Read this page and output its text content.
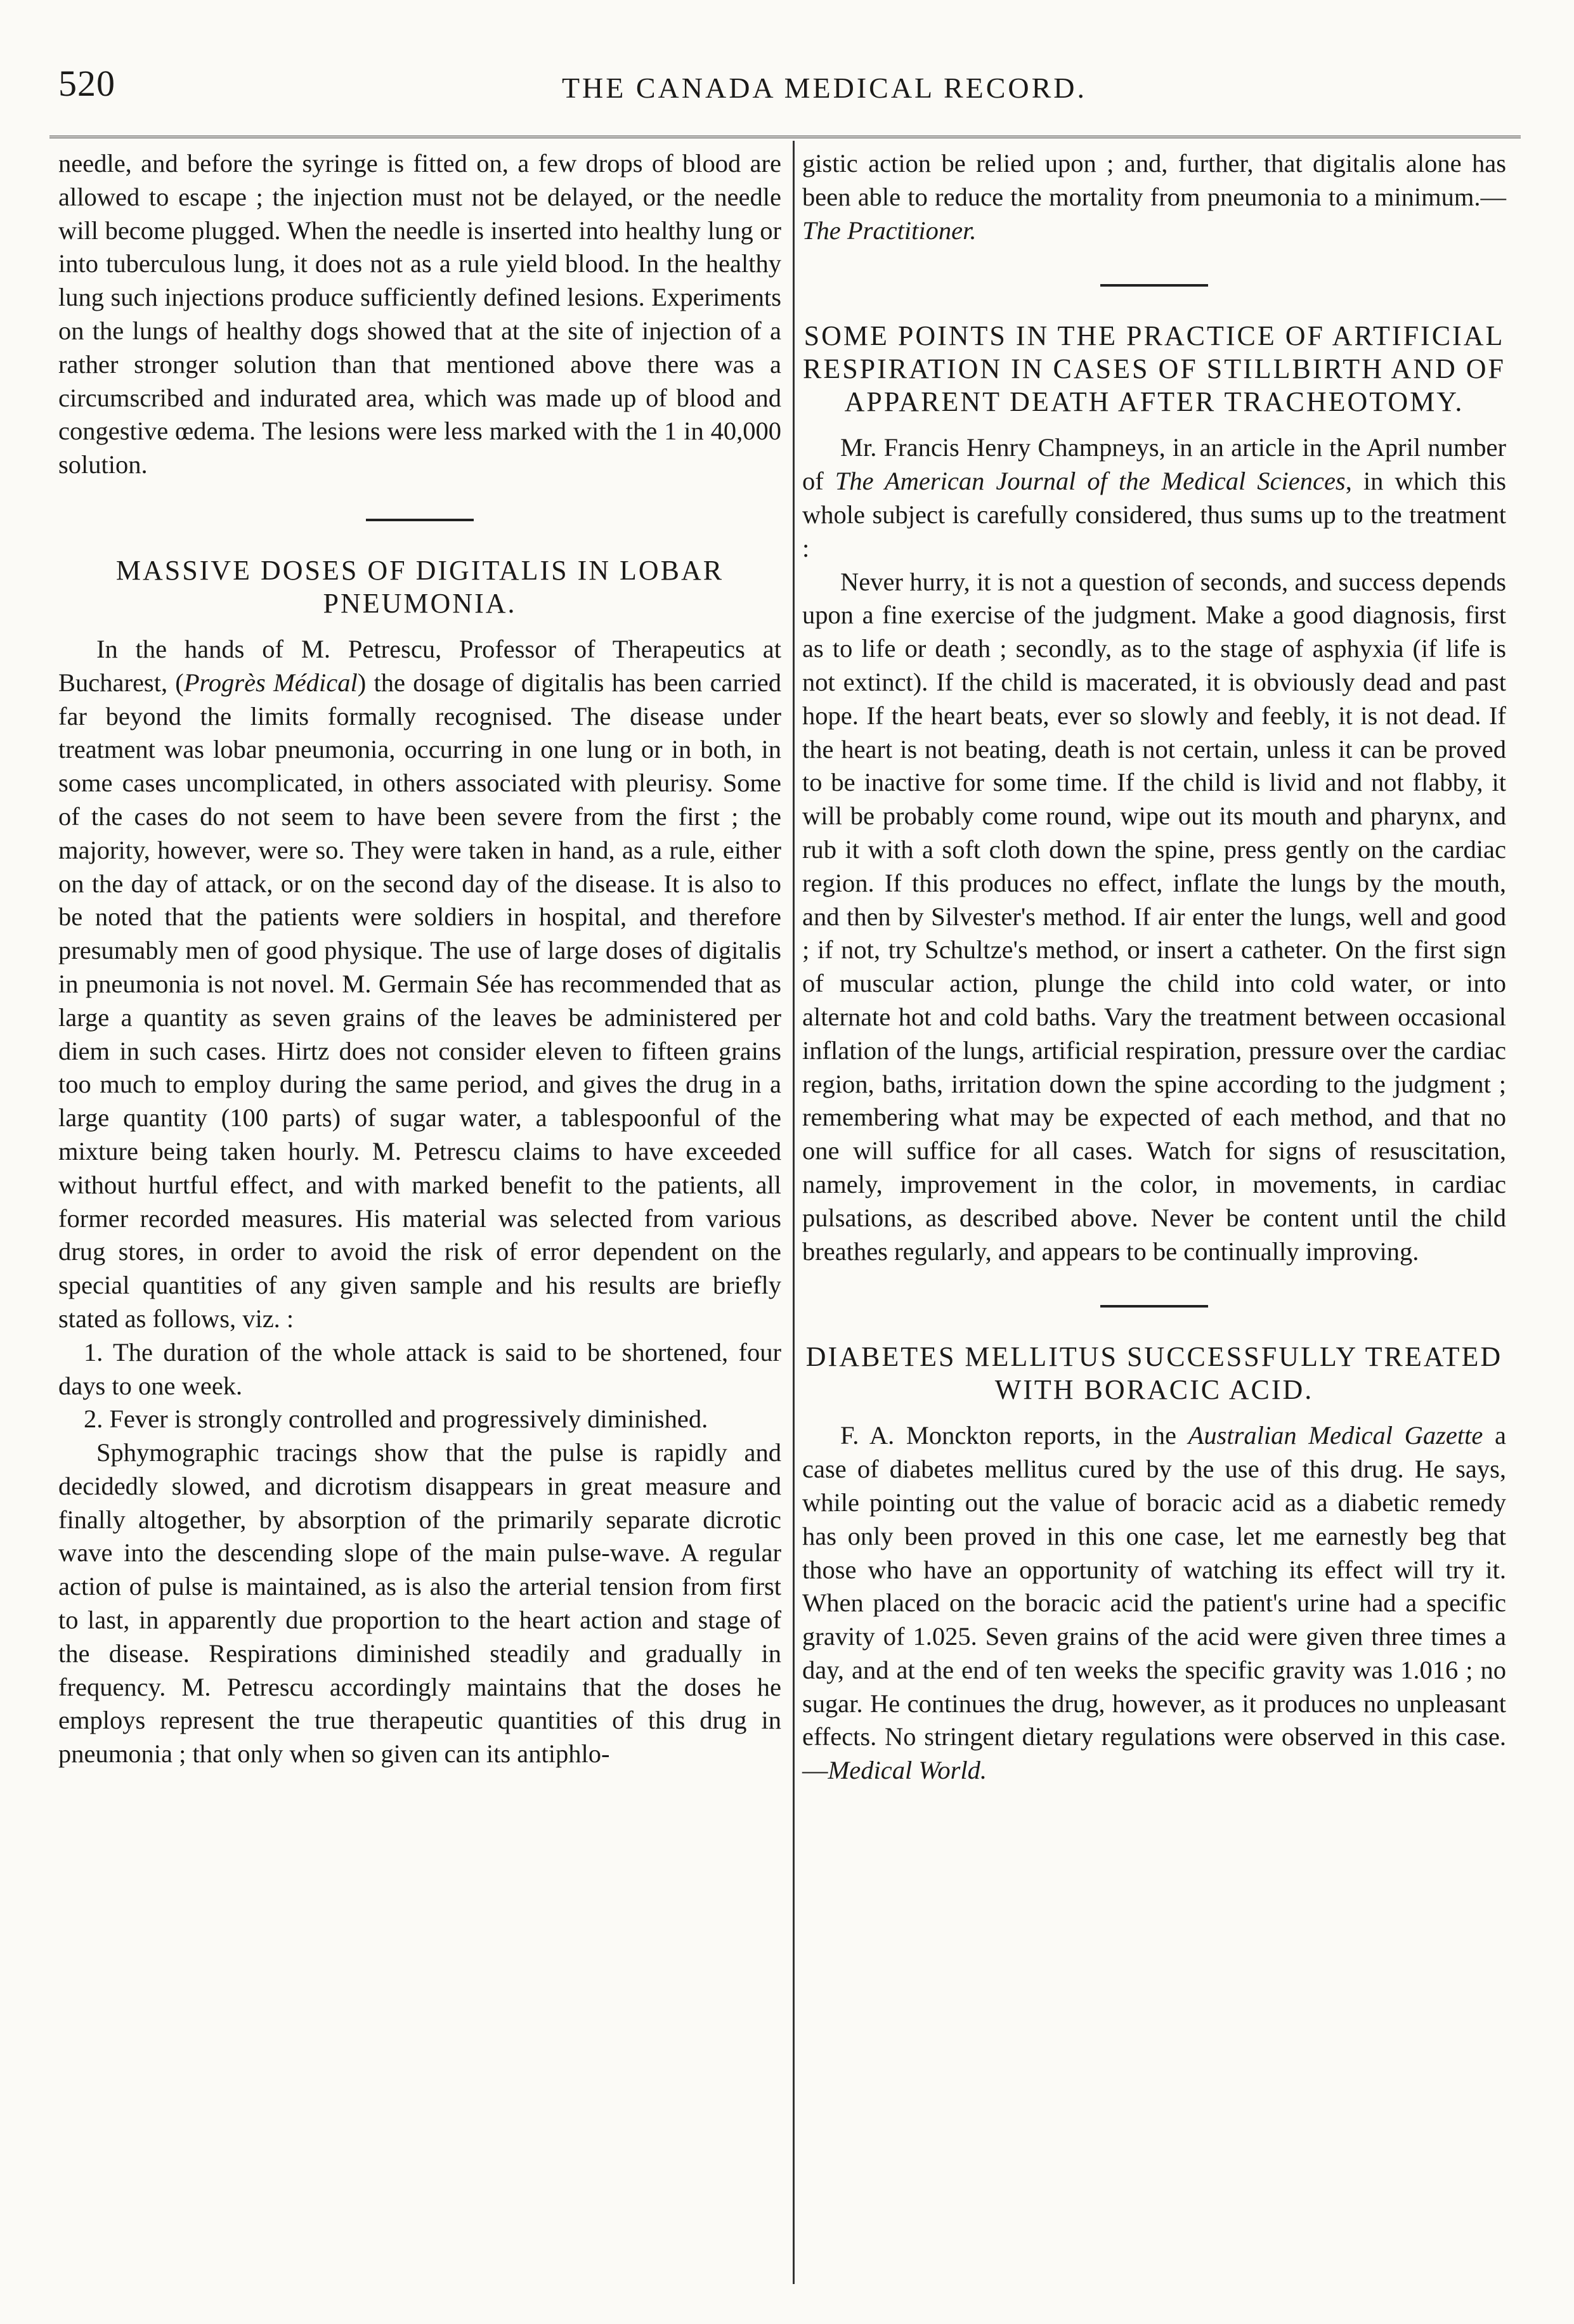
520	THE CANADA MEDICAL RECORD.

needle, and before the syringe is fitted on, a few drops of blood are allowed to escape ; the injection must not be delayed, or the needle will become plugged. When the needle is inserted into healthy lung or into tuberculous lung, it does not as a rule yield blood. In the healthy lung such injections produce sufficiently defined lesions. Experiments on the lungs of healthy dogs showed that at the site of injection of a rather stronger solution than that mentioned above there was a circumscribed and indurated area, which was made up of blood and congestive œdema. The lesions were less marked with the 1 in 40,000 solution.

MASSIVE DOSES OF DIGITALIS IN LOBAR PNEUMONIA.

In the hands of M. Petrescu, Professor of Therapeutics at Bucharest, (Progrès Médical) the dosage of digitalis has been carried far beyond the limits formally recognised. The disease under treatment was lobar pneumonia, occurring in one lung or in both, in some cases uncomplicated, in others associated with pleurisy. Some of the cases do not seem to have been severe from the first ; the majority, however, were so. They were taken in hand, as a rule, either on the day of attack, or on the second day of the disease. It is also to be noted that the patients were soldiers in hospital, and therefore presumably men of good physique. The use of large doses of digitalis in pneumonia is not novel. M. Germain Sée has recommended that as large a quantity as seven grains of the leaves be administered per diem in such cases. Hirtz does not consider eleven to fifteen grains too much to employ during the same period, and gives the drug in a large quantity (100 parts) of sugar water, a tablespoonful of the mixture being taken hourly. M. Petrescu claims to have exceeded without hurtful effect, and with marked benefit to the patients, all former recorded measures. His material was selected from various drug stores, in order to avoid the risk of error dependent on the special quantities of any given sample and his results are briefly stated as follows, viz. :

1. The duration of the whole attack is said to be shortened, four days to one week.

2. Fever is strongly controlled and progressively diminished.

Sphymographic tracings show that the pulse is rapidly and decidedly slowed, and dicrotism disappears in great measure and finally altogether, by absorption of the primarily separate dicrotic wave into the descending slope of the main pulse-wave. A regular action of pulse is maintained, as is also the arterial tension from first to last, in apparently due proportion to the heart action and stage of the disease. Respirations diminished steadily and gradually in frequency. M. Petrescu accordingly maintains that the doses he employs represent the true therapeutic quantities of this drug in pneumonia ; that only when so given can its antiphlo-

gistic action be relied upon ; and, further, that digitalis alone has been able to reduce the mortality from pneumonia to a minimum.— The Practitioner.

SOME POINTS IN THE PRACTICE OF ARTIFICIAL RESPIRATION IN CASES OF STILLBIRTH AND OF APPARENT DEATH AFTER TRACHEOTOMY.

Mr. Francis Henry Champneys, in an article in the April number of The American Journal of the Medical Sciences, in which this whole subject is carefully considered, thus sums up to the treatment :

Never hurry, it is not a question of seconds, and success depends upon a fine exercise of the judgment. Make a good diagnosis, first as to life or death ; secondly, as to the stage of asphyxia (if life is not extinct). If the child is macerated, it is obviously dead and past hope. If the heart beats, ever so slowly and feebly, it is not dead. If the heart is not beating, death is not certain, unless it can be proved to be inactive for some time. If the child is livid and not flabby, it will be probably come round, wipe out its mouth and pharynx, and rub it with a soft cloth down the spine, press gently on the cardiac region. If this produces no effect, inflate the lungs by the mouth, and then by Silvester's method. If air enter the lungs, well and good ; if not, try Schultze's method, or insert a catheter. On the first sign of muscular action, plunge the child into cold water, or into alternate hot and cold baths. Vary the treatment between occasional inflation of the lungs, artificial respiration, pressure over the cardiac region, baths, irritation down the spine according to the judgment ; remembering what may be expected of each method, and that no one will suffice for all cases. Watch for signs of resuscitation, namely, improvement in the color, in movements, in cardiac pulsations, as described above. Never be content until the child breathes regularly, and appears to be continually improving.

DIABETES MELLITUS SUCCESSFULLY TREATED WITH BORACIC ACID.

F. A. Monckton reports, in the Australian Medical Gazette a case of diabetes mellitus cured by the use of this drug. He says, while pointing out the value of boracic acid as a diabetic remedy has only been proved in this one case, let me earnestly beg that those who have an opportunity of watching its effect will try it. When placed on the boracic acid the patient's urine had a specific gravity of 1.025. Seven grains of the acid were given three times a day, and at the end of ten weeks the specific gravity was 1.016 ; no sugar. He continues the drug, however, as it produces no unpleasant effects. No stringent dietary regulations were observed in this case.—Medical World.
